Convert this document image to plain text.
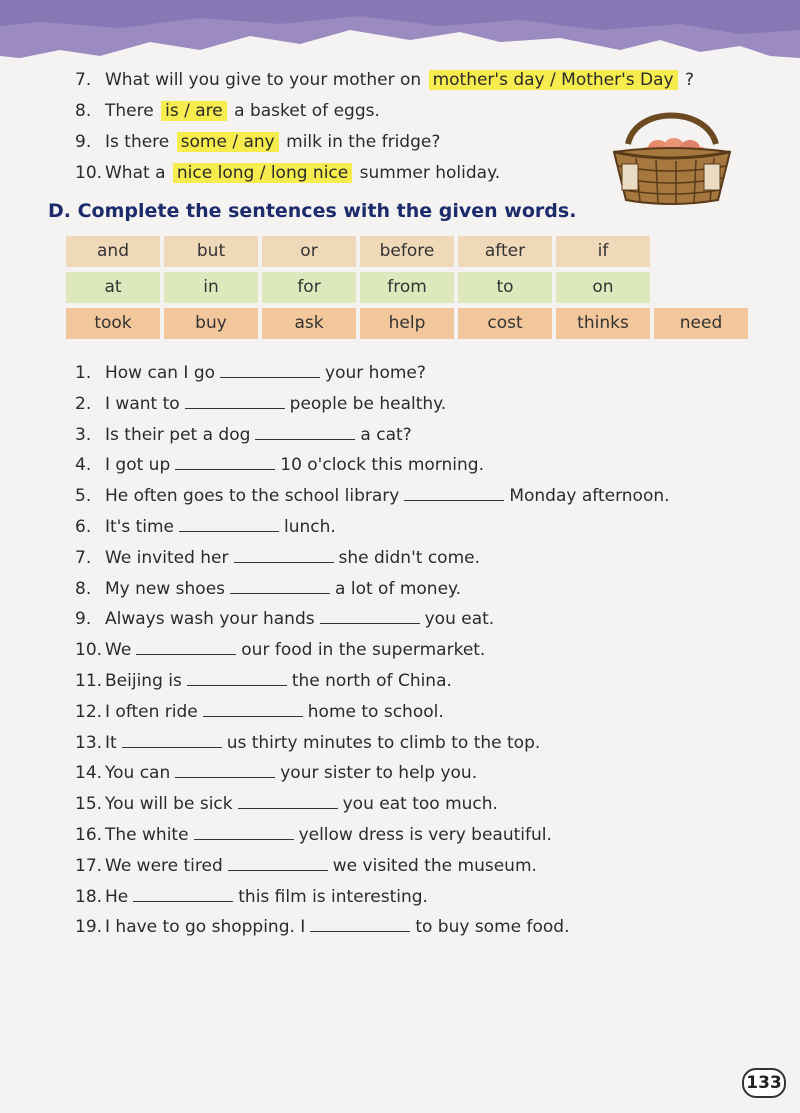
7. What will you give to your mother on mother's day / Mother's Day ?
8. There is / are a basket of eggs.
9. Is there some / any milk in the fridge?
10. What a nice long / long nice summer holiday.
D. Complete the sentences with the given words.
and	but	or	before	after	if
at	in	for	from	to	on
took	buy	ask	help	cost	thinks	need
1. How can I go	your home?
2. I want to	people be healthy.
3. Is their pet a dog	a cat?
4. I got up	10 o'clock this morning.
5. He often goes to the school library	Monday afternoon.
6. It's time	lunch.
7. We invited her	she didn't come.
8. My new shoes	a lot of money.
9. Always wash your hands	you eat.
10. We	our food in the supermarket.
11. Beijing is	the north of China.
12. I often ride	home to school.
13. It	us thirty minutes to climb to the top.
14. You can	your sister to help you.
15. You will be sick	you eat too much.
16. The white	yellow dress is very beautiful.
17. We were tired	we visited the museum.
18. He	this film is interesting.
19. I have to go shopping. I	to buy some food.
133
